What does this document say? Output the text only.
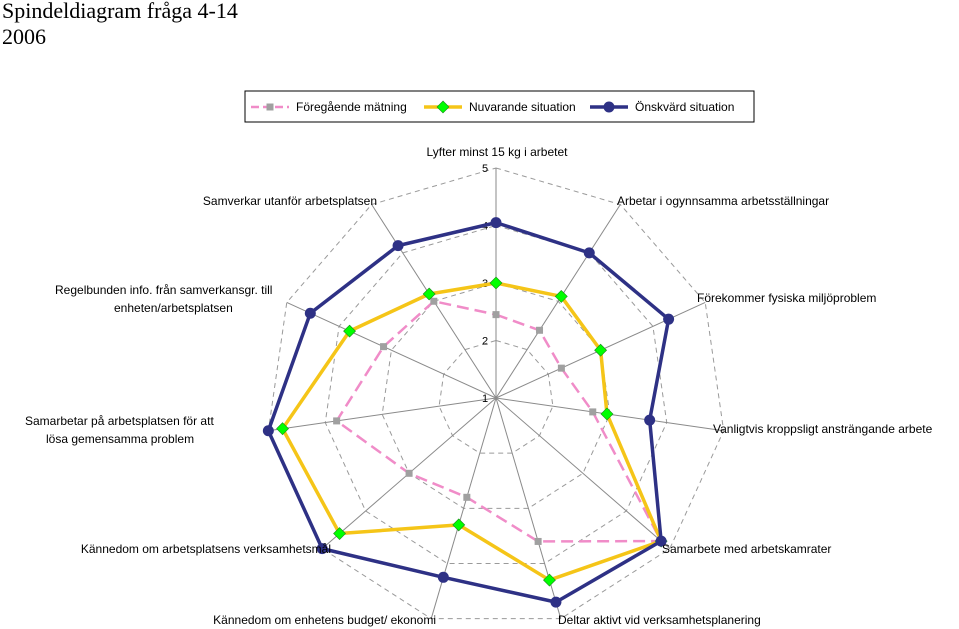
Spindeldiagram fråga 4-14
2006
1
2
3
4
5
Lyfter minst 15 kg i arbetet
Arbetar i ogynnsamma arbetsställningar
Förekommer fysiska miljöproblem
Vanligtvis kroppsligt ansträngande arbete
Samarbete med arbetskamrater
Deltar aktivt vid verksamhetsplanering
Kännedom om enhetens budget/ ekonomi
Kännedom om arbetsplatsens verksamhetsmål
Samarbetar på arbetsplatsen för att lösa gemensamma problem
Regelbunden info. från samverkansgr. till enheten/arbetsplatsen
Samverkar utanför arbetsplatsen
Föregående mätning	Nuvarande situation	Önskvärd situation
